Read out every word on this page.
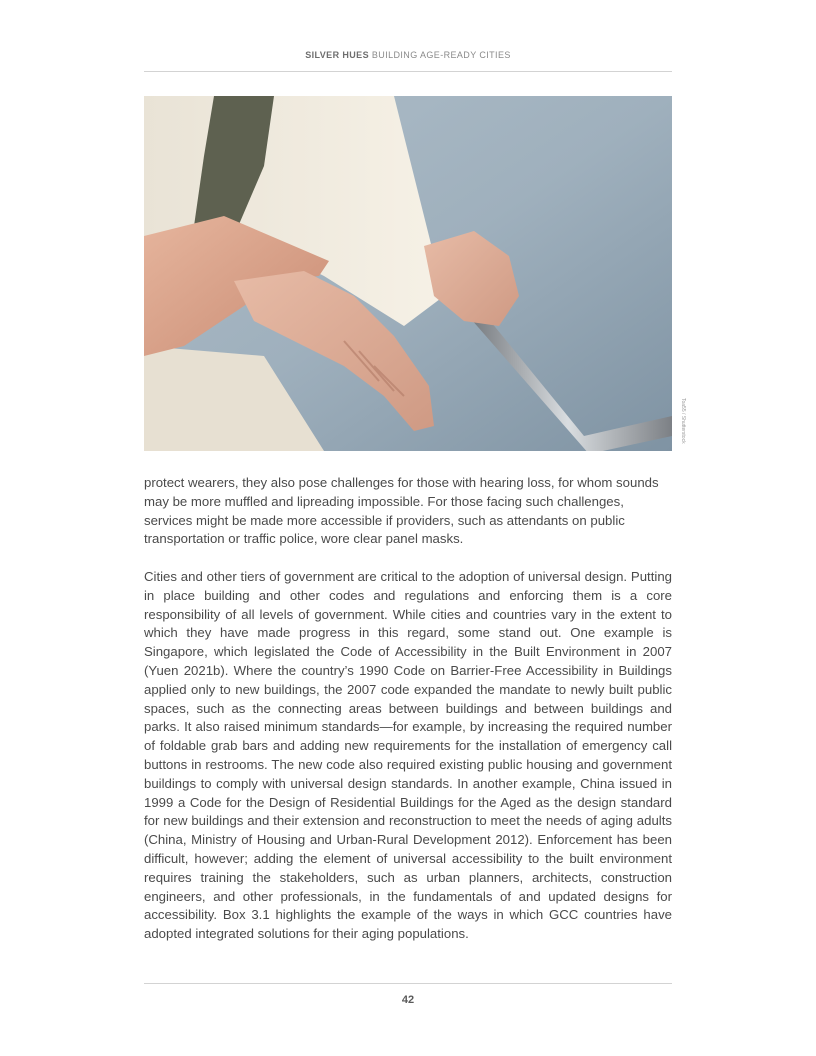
SILVER HUES BUILDING AGE-READY CITIES
Toa55 / Shutterstock

protect wearers, they also pose challenges for those with hearing loss, for whom sounds may be more muffled and lipreading impossible. For those facing such challenges, services might be made more accessible if providers, such as attendants on public transportation or traffic police, wore clear panel masks.

Cities and other tiers of government are critical to the adoption of universal design. Putting in place building and other codes and regulations and enforcing them is a core responsibility of all levels of government. While cities and countries vary in the extent to which they have made progress in this regard, some stand out. One example is Singapore, which legislated the Code of Accessibility in the Built Environment in 2007 (Yuen 2021b). Where the country’s 1990 Code on Barrier-Free Accessibility in Buildings applied only to new buildings, the 2007 code expanded the mandate to newly built public spaces, such as the connecting areas between buildings and between buildings and parks. It also raised minimum standards—for example, by increasing the required number of foldable grab bars and adding new requirements for the installation of emergency call buttons in restrooms. The new code also required existing public housing and government buildings to comply with universal design standards. In another example, China issued in 1999 a Code for the Design of Residential Buildings for the Aged as the design standard for new buildings and their extension and reconstruction to meet the needs of aging adults (China, Ministry of Housing and Urban-Rural Development 2012). Enforcement has been difficult, however; adding the element of universal accessibility to the built environment requires training the stakeholders, such as urban planners, architects, construction engineers, and other professionals, in the fundamentals of and updated designs for accessibility. Box 3.1 highlights the example of the ways in which GCC countries have adopted integrated solutions for their aging populations.

42
